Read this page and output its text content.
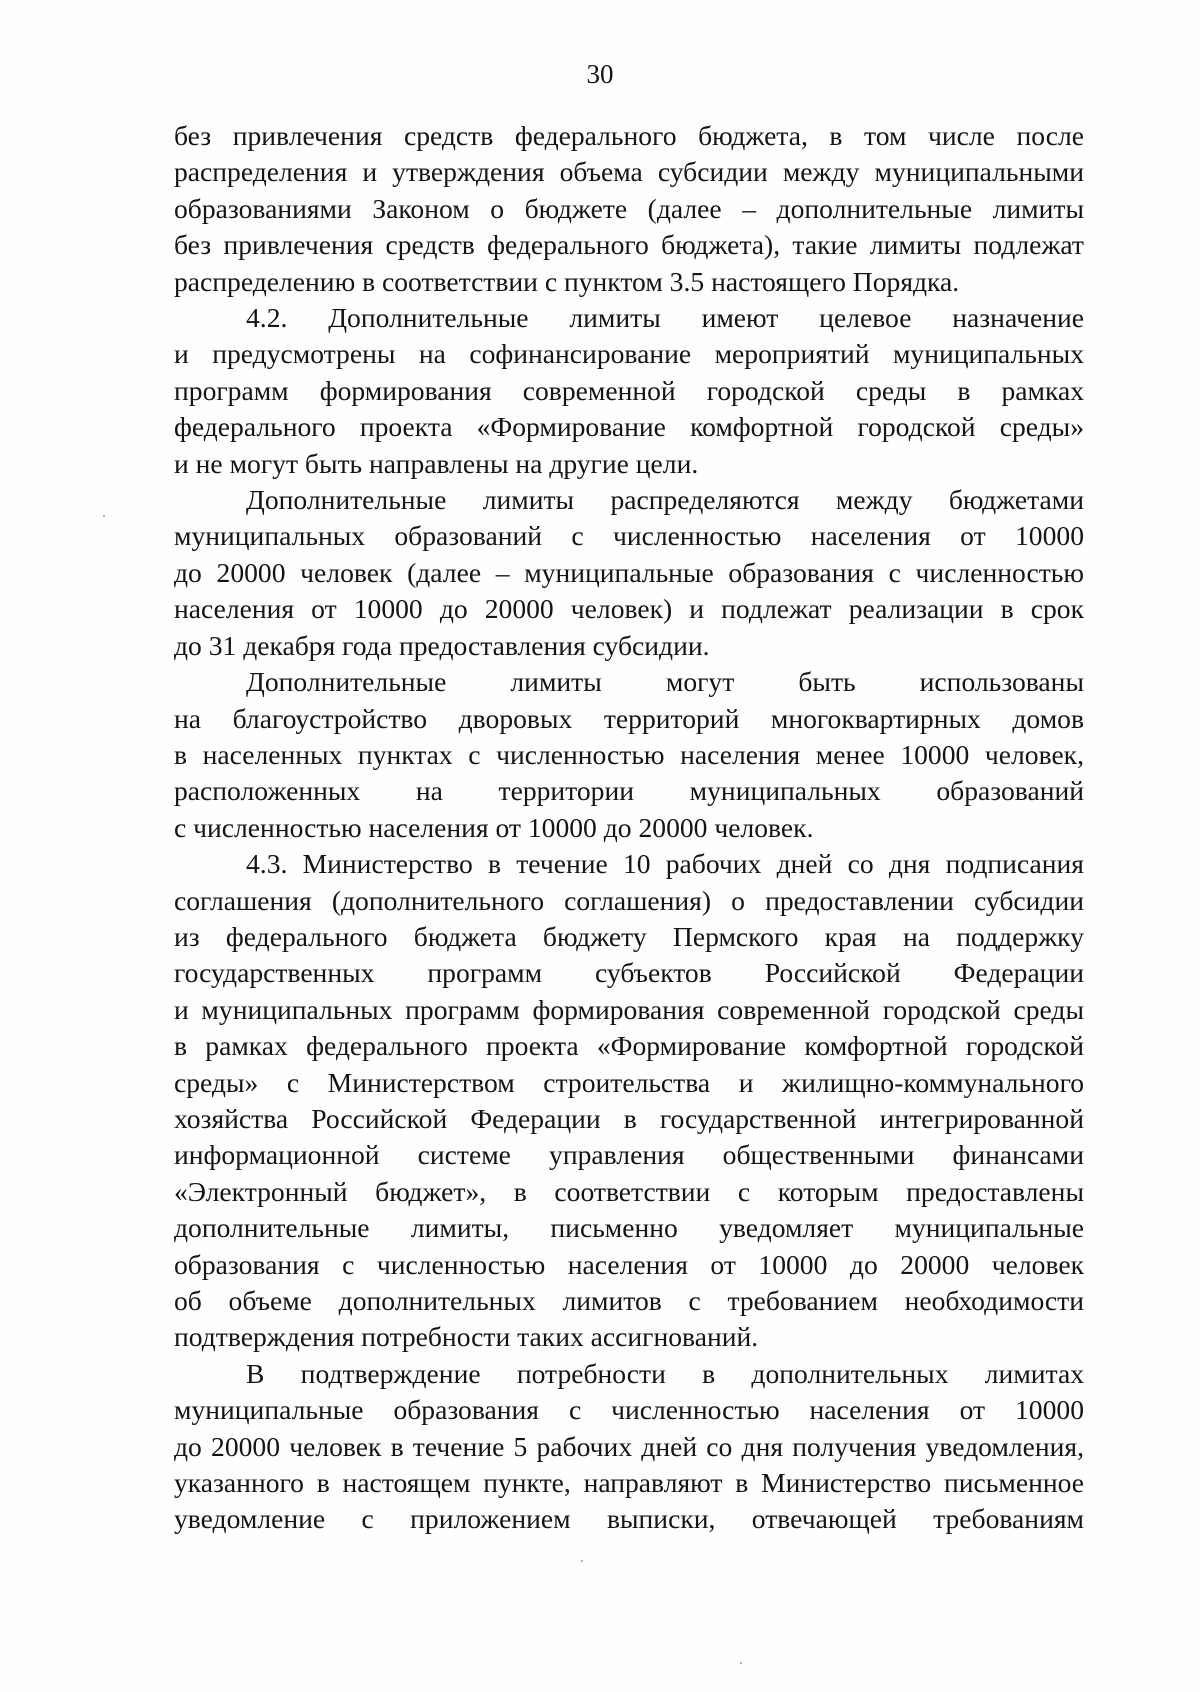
30
без привлечения средств федерального бюджета, в том числе после
распределения и утверждения объема субсидии между муниципальными
образованиями Законом о бюджете (далее – дополнительные лимиты
без привлечения средств федерального бюджета), такие лимиты подлежат
распределению в соответствии с пунктом 3.5 настоящего Порядка.
4.2. Дополнительные лимиты имеют целевое назначение
и предусмотрены на софинансирование мероприятий муниципальных
программ формирования современной городской среды в рамках
федерального проекта «Формирование комфортной городской среды»
и не могут быть направлены на другие цели.
Дополнительные лимиты распределяются между бюджетами
муниципальных образований с численностью населения от 10000
до 20000 человек (далее – муниципальные образования с численностью
населения от 10000 до 20000 человек) и подлежат реализации в срок
до 31 декабря года предоставления субсидии.
Дополнительные лимиты могут быть использованы
на благоустройство дворовых территорий многоквартирных домов
в населенных пунктах с численностью населения менее 10000 человек,
расположенных на территории муниципальных образований
с численностью населения от 10000 до 20000 человек.
4.3. Министерство в течение 10 рабочих дней со дня подписания
соглашения (дополнительного соглашения) о предоставлении субсидии
из федерального бюджета бюджету Пермского края на поддержку
государственных программ субъектов Российской Федерации
и муниципальных программ формирования современной городской среды
в рамках федерального проекта «Формирование комфортной городской
среды» с Министерством строительства и жилищно-коммунального
хозяйства Российской Федерации в государственной интегрированной
информационной системе управления общественными финансами
«Электронный бюджет», в соответствии с которым предоставлены
дополнительные лимиты, письменно уведомляет муниципальные
образования с численностью населения от 10000 до 20000 человек
об объеме дополнительных лимитов с требованием необходимости
подтверждения потребности таких ассигнований.
В подтверждение потребности в дополнительных лимитах
муниципальные образования с численностью населения от 10000
до 20000 человек в течение 5 рабочих дней со дня получения уведомления,
указанного в настоящем пункте, направляют в Министерство письменное
уведомление с приложением выписки, отвечающей требованиям
